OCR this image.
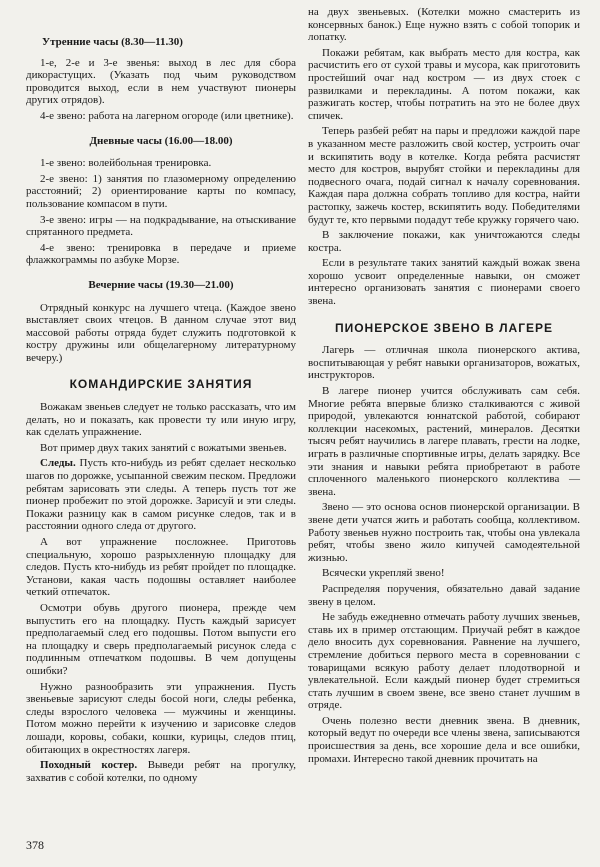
Утренние часы (8.30—11.30)

1-е, 2-е и 3-е звенья: выход в лес для сбора дикорастущих. (Указать под чьим руководством проводится выход, если в нем участвуют пионеры других отрядов).

4-е звено: работа на лагерном огороде (или цветнике).

Дневные часы (16.00—18.00)

1-е звено: волейбольная тренировка.

2-е звено: 1) занятия по глазомерному определению расстояний; 2) ориентирование карты по компасу, пользование компасом в пути.

3-е звено: игры — на подкрадывание, на отыскивание спрятанного предмета.

4-е звено: тренировка в передаче и приеме флажкограммы по азбуке Морзе.

Вечерние часы (19.30—21.00)

Отрядный конкурс на лучшего чтеца. (Каждое звено выставляет своих чтецов. В данном случае этот вид массовой работы отряда будет служить подготовкой к костру дружины или общелагерному литературному вечеру.)

КОМАНДИРСКИЕ ЗАНЯТИЯ

Вожакам звеньев следует не только рассказать, что им делать, но и показать, как провести ту или иную игру, как сделать упражнение.

Вот пример двух таких занятий с вожатыми звеньев.

Следы. Пусть кто-нибудь из ребят сделает несколько шагов по дорожке, усыпанной свежим песком. Предложи ребятам зарисовать эти следы. А теперь пусть тот же пионер пробежит по этой дорожке. Зарисуй и эти следы. Покажи разницу как в самом рисунке следов, так и в расстоянии одного следа от другого.

А вот упражнение посложнее. Приготовь специальную, хорошо разрыхленную площадку для следов. Пусть кто-нибудь из ребят пройдет по площадке. Установи, какая часть подошвы оставляет наиболее четкий отпечаток.

Осмотри обувь другого пионера, прежде чем выпустить его на площадку. Пусть каждый зарисует предполагаемый след его подошвы. Потом выпусти его на площадку и сверь предполагаемый рисунок следа с подлинным отпечатком подошвы. В чем допущены ошибки?

Нужно разнообразить эти упражнения. Пусть звеньевые зарисуют следы босой ноги, следы ребенка, следы взрослого человека — мужчины и женщины. Потом можно перейти к изучению и зарисовке следов лошади, коровы, собаки, кошки, курицы, следов птиц, обитающих в окрестностях лагеря.

Походный костер. Выведи ребят на прогулку, захватив с собой котелки, по одному

на двух звеньевых. (Котелки можно смастерить из консервных банок.) Еще нужно взять с собой топорик и лопатку.

Покажи ребятам, как выбрать место для костра, как расчистить его от сухой травы и мусора, как приготовить простейший очаг над костром — из двух стоек с развилками и перекладины. А потом покажи, как разжигать костер, чтобы потратить на это не более двух спичек.

Теперь разбей ребят на пары и предложи каждой паре в указанном месте разложить свой костер, устроить очаг и вскипятить воду в котелке. Когда ребята расчистят место для костров, вырубят стойки и перекладины для подвесного очага, подай сигнал к началу соревнования. Каждая пара должна собрать топливо для костра, найти растопку, зажечь костер, вскипятить воду. Победителями будут те, кто первыми подадут тебе кружку горячего чаю.

В заключение покажи, как уничтожаются следы костра.

Если в результате таких занятий каждый вожак звена хорошо усвоит определенные навыки, он сможет интересно организовать занятия с пионерами своего звена.

ПИОНЕРСКОЕ ЗВЕНО В ЛАГЕРЕ

Лагерь — отличная школа пионерского актива, воспитывающая у ребят навыки организаторов, вожатых, инструкторов.

В лагере пионер учится обслуживать сам себя. Многие ребята впервые близко сталкиваются с живой природой, увлекаются юннатской работой, собирают коллекции насекомых, растений, минералов. Десятки тысяч ребят научились в лагере плавать, грести на лодке, играть в различные спортивные игры, делать зарядку. Все эти знания и навыки ребята приобретают в работе сплоченного маленького пионерского коллектива — звена.

Звено — это основа основ пионерской организации. В звене дети учатся жить и работать сообща, коллективом. Работу звеньев нужно построить так, чтобы она увлекала ребят, чтобы звено жило кипучей самодеятельной жизнью.

Всячески укрепляй звено!

Распределяя поручения, обязательно давай задание звену в целом.

Не забудь ежедневно отмечать работу лучших звеньев, ставь их в пример отстающим. Приучай ребят в каждое дело вносить дух соревнования. Равнение на лучшего, стремление добиться первого места в соревновании с товарищами всякую работу делает плодотворной и увлекательной. Если каждый пионер будет стремиться стать лучшим в своем звене, все звено станет лучшим в отряде.

Очень полезно вести дневник звена. В дневник, который ведут по очереди все члены звена, записываются происшествия за день, все хорошие дела и все ошибки, промахи. Интересно такой дневник прочитать на

378
